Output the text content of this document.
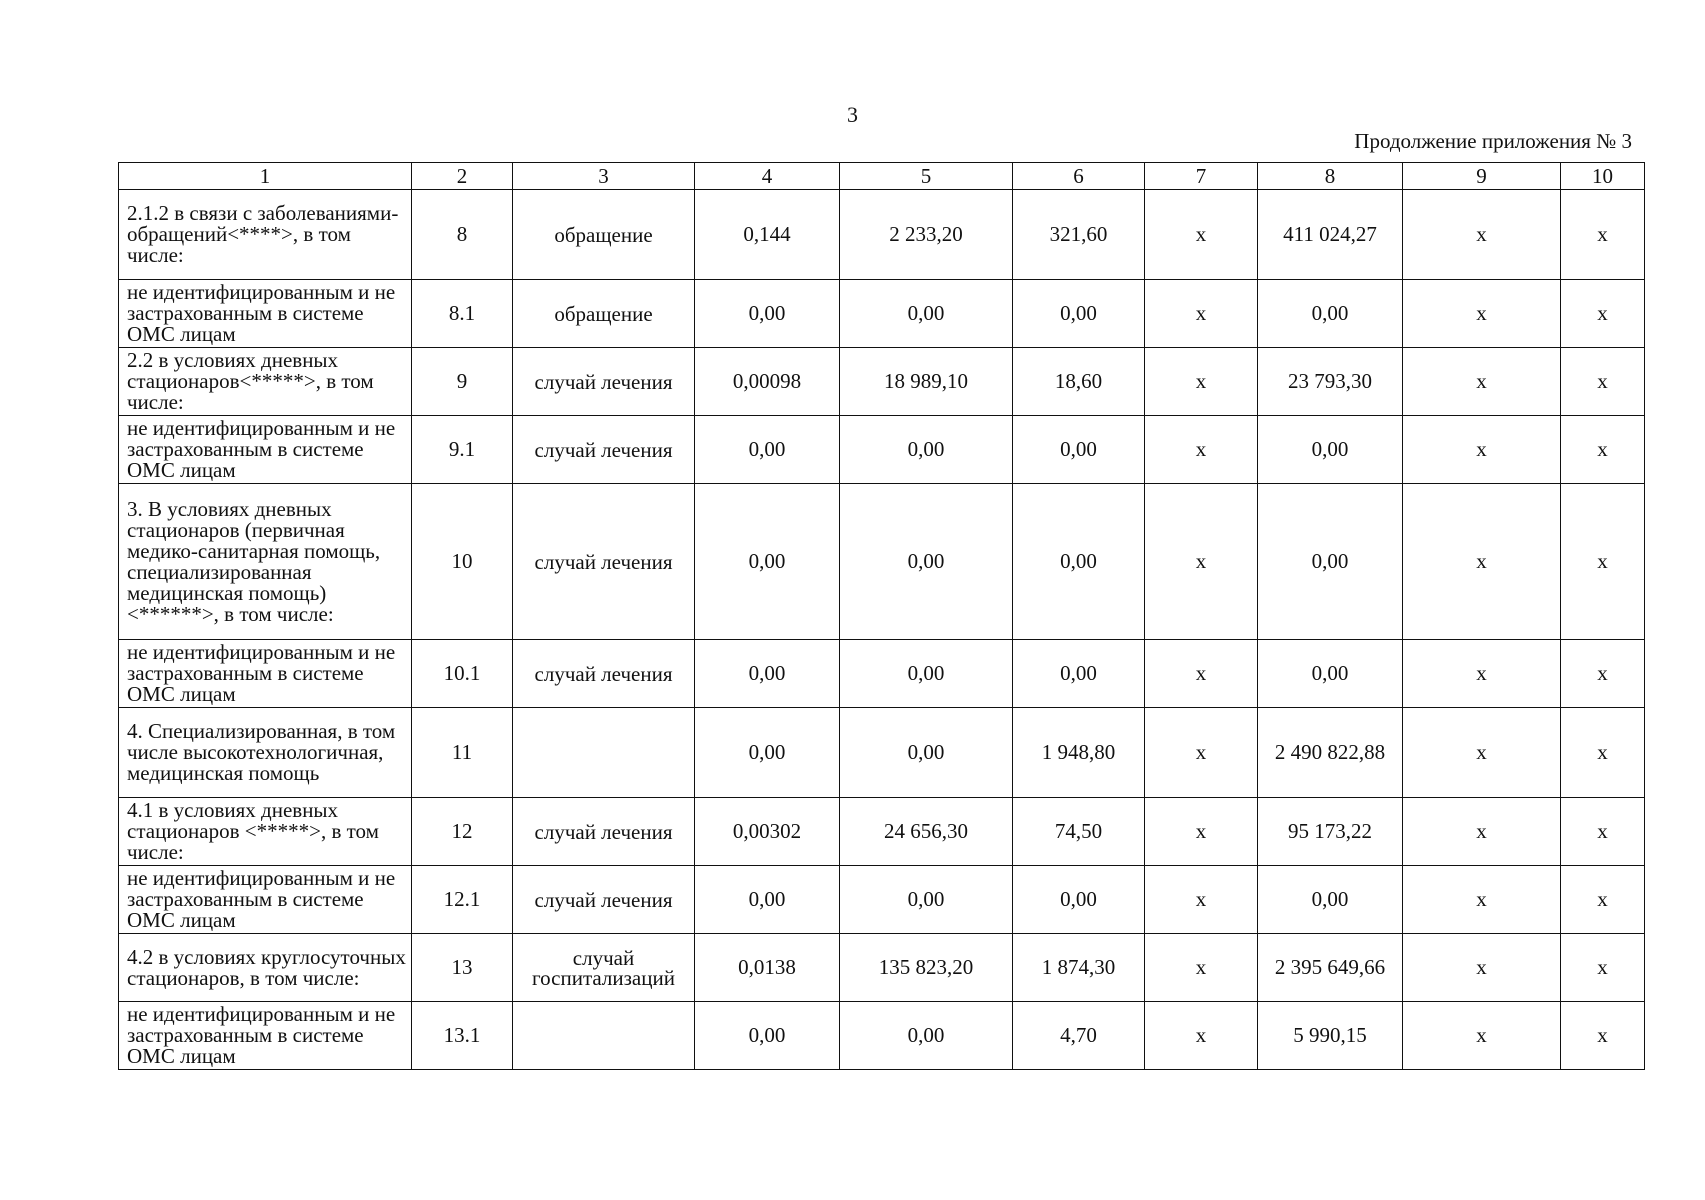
3
Продолжение приложения № 3
1	2	3	4	5	6	7	8	9	10
2.1.2 в связи с заболеваниями-обращений<****>, в том числе:	8	обращение	0,144	2 233,20	321,60	x	411 024,27	x	x
не идентифицированным и не застрахованным в системе ОМС лицам	8.1	обращение	0,00	0,00	0,00	x	0,00	x	x
2.2 в условиях дневных стационаров<*****>, в том числе:	9	случай лечения	0,00098	18 989,10	18,60	x	23 793,30	x	x
не идентифицированным и не застрахованным в системе ОМС лицам	9.1	случай лечения	0,00	0,00	0,00	x	0,00	x	x
3. В условиях дневных стационаров (первичная медико-санитарная помощь, специализированная медицинская помощь) <******>, в том числе:	10	случай лечения	0,00	0,00	0,00	x	0,00	x	x
не идентифицированным и не застрахованным в системе ОМС лицам	10.1	случай лечения	0,00	0,00	0,00	x	0,00	x	x
4. Специализированная, в том числе высокотехнологичная, медицинская помощь	11		0,00	0,00	1 948,80	x	2 490 822,88	x	x
4.1 в условиях дневных стационаров <*****>, в том числе:	12	случай лечения	0,00302	24 656,30	74,50	x	95 173,22	x	x
не идентифицированным и не застрахованным в системе ОМС лицам	12.1	случай лечения	0,00	0,00	0,00	x	0,00	x	x
4.2 в условиях круглосуточных стационаров, в том числе:	13	случай госпитализаций	0,0138	135 823,20	1 874,30	x	2 395 649,66	x	x
не идентифицированным и не застрахованным в системе ОМС лицам	13.1		0,00	0,00	4,70	x	5 990,15	x	x
